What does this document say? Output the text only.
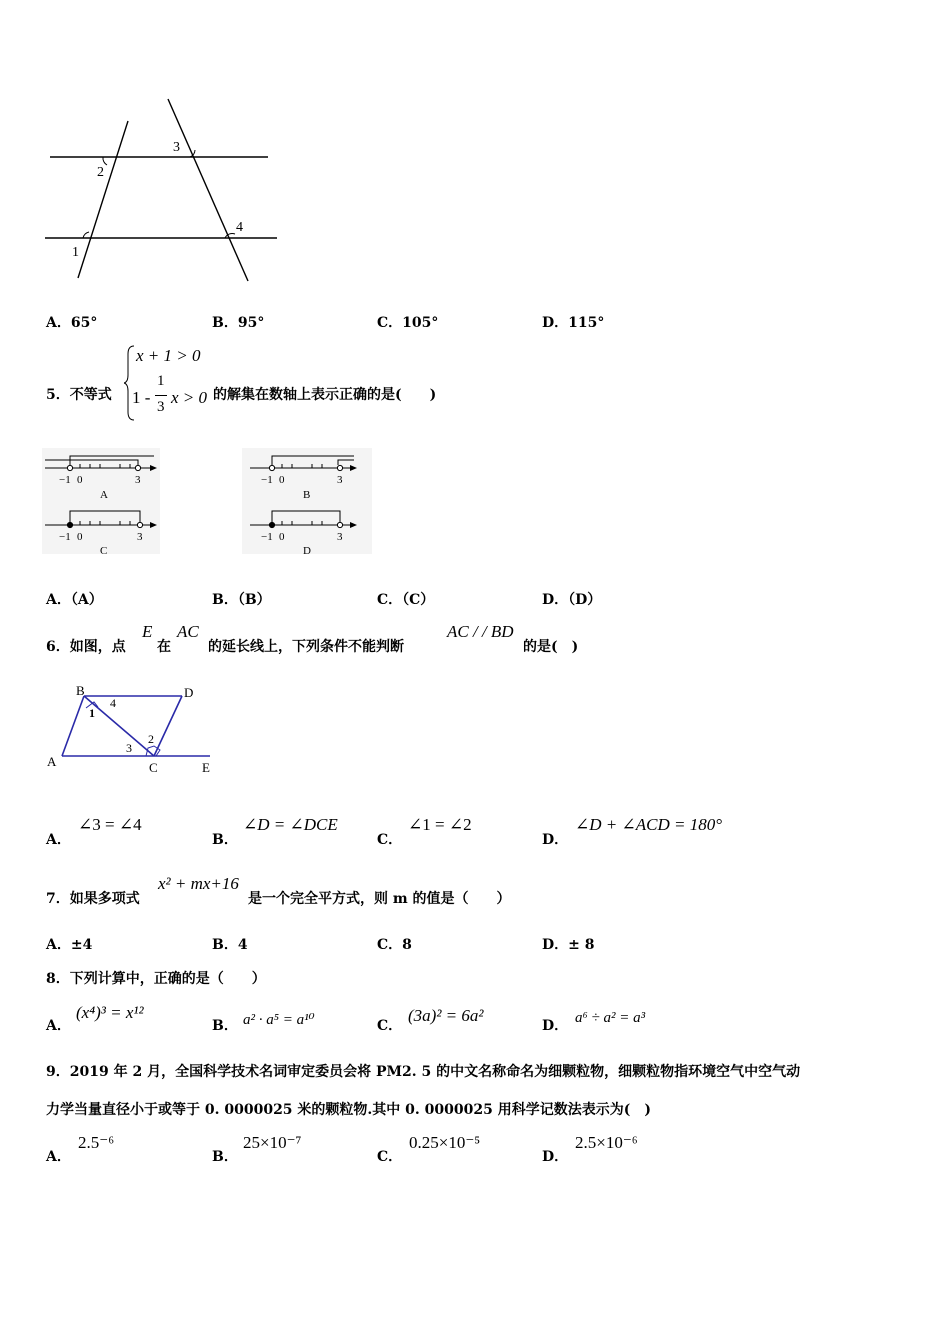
2
1
3
4
A．65°	B．95°	C．105°	D．115°
5．不等式
x + 1 > 0
1 -
1
3 x > 0 的解集在数轴上表示正确的是(　　)
−1 0	3
A
−1 0	3
B
−1 0	3
C
−1 0	3
D
A．（A）	B．（B）	C．（C）	D．（D）
6．如图，点
E
在
AC
的延长线上，下列条件不能判断
AC / / BD
的是(　)
B	D
A	C	E
1
4
2
3
A．
∠3 = ∠4
B．
∠D = ∠DCE
C．
∠1 = ∠2
D．
∠D + ∠ACD = 180°
7．如果多项式
x² + mx+16
是一个完全平方式，则 m 的值是（　　）
A．±4	B．4	C．8	D．± 8
8．下列计算中，正确的是（　　）
A．
(x⁴)³ = x¹²
B． a² · a⁵ = a¹⁰	C．
(3a)² = 6a²
D． a⁶ ÷ a² = a³
9．2019 年 2 月，全国科学技术名词审定委员会将 PM2. 5 的中文名称命名为细颗粒物，细颗粒物指环境空气中空气动
力学当量直径小于或等于 0. 0000025 米的颗粒物.其中 0. 0000025 用科学记数法表示为(　)
A．
2.5⁻⁶
B．
25×10⁻⁷
C．
0.25×10⁻⁵
D．
2.5×10⁻⁶
